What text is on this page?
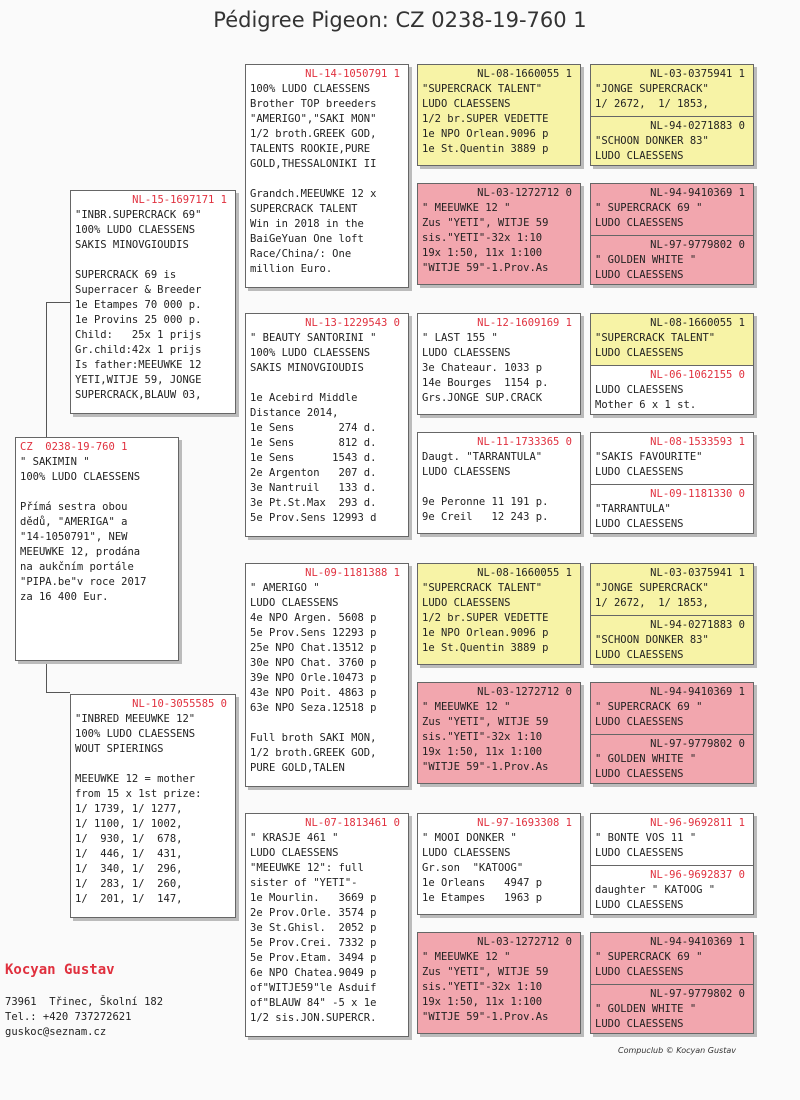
Pédigree Pigeon: CZ 0238-19-760 1
CZ  0238-19-760 1
" SAKIMIN "
100% LUDO CLAESSENS

Přímá sestra obou
dědů, "AMERIGA" a
"14-1050791", NEW
MEEUWKE 12, prodána
na aukčním portále
"PIPA.be"v roce 2017
za 16 400 Eur.
NL-15-1697171 1
"INBR.SUPERCRACK 69"
100% LUDO CLAESSENS
SAKIS MINOVGIOUDIS

SUPERCRACK 69 is
Superracer & Breeder
1e Etampes 70 000 p.
1e Provins 25 000 p.
Child:   25x 1 prijs
Gr.child:42x 1 prijs
Is father:MEEUWKE 12
YETI,WITJE 59, JONGE
SUPERCRACK,BLAUW 03,
NL-10-3055585 0
"INBRED MEEUWKE 12"
100% LUDO CLAESSENS
WOUT SPIERINGS

MEEUWKE 12 = mother
from 15 x 1st prize:
1/ 1739, 1/ 1277,
1/ 1100, 1/ 1002,
1/  930, 1/  678,
1/  446, 1/  431,
1/  340, 1/  296,
1/  283, 1/  260,
1/  201, 1/  147,
NL-14-1050791 1
100% LUDO CLAESSENS
Brother TOP breeders
"AMERIGO","SAKI MON"
1/2 broth.GREEK GOD,
TALENTS ROOKIE,PURE
GOLD,THESSALONIKI II

Grandch.MEEUWKE 12 x
SUPERCRACK TALENT
Win in 2018 in the
BaiGeYuan One loft
Race/China/: One
million Euro.
NL-13-1229543 0
" BEAUTY SANTORINI "
100% LUDO CLAESSENS
SAKIS MINOVGIOUDIS

1e Acebird Middle
Distance 2014,
1e Sens       274 d.
1e Sens       812 d.
1e Sens      1543 d.
2e Argenton   207 d.
3e Nantruil   133 d.
3e Pt.St.Max  293 d.
5e Prov.Sens 12993 d
NL-09-1181388 1
" AMERIGO "
LUDO CLAESSENS
4e NPO Argen. 5608 p
5e Prov.Sens 12293 p
25e NPO Chat.13512 p
30e NPO Chat. 3760 p
39e NPO Orle.10473 p
43e NPO Poit. 4863 p
63e NPO Seza.12518 p

Full broth SAKI MON,
1/2 broth.GREEK GOD,
PURE GOLD,TALEN
NL-07-1813461 0
" KRASJE 461 "
LUDO CLAESSENS
"MEEUWKE 12": full
sister of "YETI"-
1e Mourlin.   3669 p
2e Prov.Orle. 3574 p
3e St.Ghisl.  2052 p
5e Prov.Crei. 7332 p
5e Prov.Etam. 3494 p
6e NPO Chatea.9049 p
of"WITJE59"le Asduif
of"BLAUW 84" -5 x 1e
1/2 sis.JON.SUPERCR.
NL-08-1660055 1
"SUPERCRACK TALENT"
LUDO CLAESSENS
1/2 br.SUPER VEDETTE
1e NPO Orlean.9096 p
1e St.Quentin 3889 p
NL-03-1272712 0
" MEEUWKE 12 "
Zus "YETI", WITJE 59
sis."YETI"-32x 1:10
19x 1:50, 11x 1:100
"WITJE 59"-1.Prov.As
NL-12-1609169 1
" LAST 155 "
LUDO CLAESSENS
3e Chateaur. 1033 p
14e Bourges  1154 p.
Grs.JONGE SUP.CRACK
NL-11-1733365 0
Daugt. "TARRANTULA"
LUDO CLAESSENS

9e Peronne 11 191 p.
9e Creil   12 243 p.
NL-08-1660055 1
"SUPERCRACK TALENT"
LUDO CLAESSENS
1/2 br.SUPER VEDETTE
1e NPO Orlean.9096 p
1e St.Quentin 3889 p
NL-03-1272712 0
" MEEUWKE 12 "
Zus "YETI", WITJE 59
sis."YETI"-32x 1:10
19x 1:50, 11x 1:100
"WITJE 59"-1.Prov.As
NL-97-1693308 1
" MOOI DONKER "
LUDO CLAESSENS
Gr.son  "KATOOG"
1e Orleans   4947 p
1e Etampes   1963 p
NL-03-1272712 0
" MEEUWKE 12 "
Zus "YETI", WITJE 59
sis."YETI"-32x 1:10
19x 1:50, 11x 1:100
"WITJE 59"-1.Prov.As
NL-03-0375941 1
"JONGE SUPERCRACK"
1/ 2672,  1/ 1853,
NL-94-0271883 0
"SCHOON DONKER 83"
LUDO CLAESSENS
NL-94-9410369 1
" SUPERCRACK 69 "
LUDO CLAESSENS
NL-97-9779802 0
" GOLDEN WHITE "
LUDO CLAESSENS
NL-08-1660055 1
"SUPERCRACK TALENT"
LUDO CLAESSENS
NL-06-1062155 0
LUDO CLAESSENS
Mother 6 x 1 st.
NL-08-1533593 1
"SAKIS FAVOURITE"
LUDO CLAESSENS
NL-09-1181330 0
"TARRANTULA"
LUDO CLAESSENS
NL-03-0375941 1
"JONGE SUPERCRACK"
1/ 2672,  1/ 1853,
NL-94-0271883 0
"SCHOON DONKER 83"
LUDO CLAESSENS
NL-94-9410369 1
" SUPERCRACK 69 "
LUDO CLAESSENS
NL-97-9779802 0
" GOLDEN WHITE "
LUDO CLAESSENS
NL-96-9692811 1
" BONTE VOS 11 "
LUDO CLAESSENS
NL-96-9692837 0
daughter " KATOOG "
LUDO CLAESSENS
NL-94-9410369 1
" SUPERCRACK 69 "
LUDO CLAESSENS
NL-97-9779802 0
" GOLDEN WHITE "
LUDO CLAESSENS
Kocyan Gustav
73961  Třinec, Školní 182
Tel.: +420 737272621
guskoc@seznam.cz
Compuclub © Kocyan Gustav
